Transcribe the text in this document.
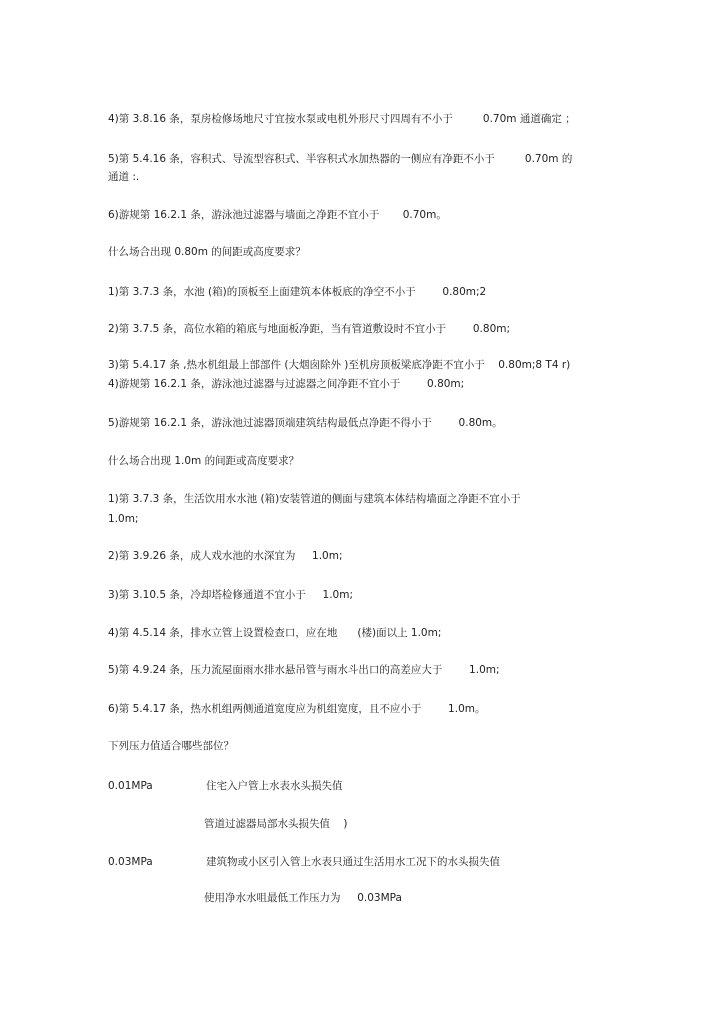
4)第 3.8.16 条，泵房检修场地尺寸宜按水泵或电机外形尺寸四周有不小于         0.70m 通道确定 ；
5)第 5.4.16 条，容积式、导流型容积式、半容积式水加热器的一侧应有净距不小于         0.70m 的
通道 :.
6)游规第 16.2.1 条，游泳池过滤器与墙面之净距不宜小于       0.70m。
什么场合出现 0.80m 的间距或高度要求？
1)第 3.7.3 条，水池 (箱)的顶板至上面建筑本体板底的净空不小于        0.80m;2
2)第 3.7.5 条，高位水箱的箱底与地面板净距，当有管道敷设时不宜小于        0.80m;
3)第 5.4.17 条 ,热水机组最上部部件 (大烟囱除外 )至机房顶板梁底净距不宜小于    0.80m;8 T4 r)
4)游规第 16.2.1 条，游泳池过滤器与过滤器之间净距不宜小于        0.80m;
5)游规第 16.2.1 条，游泳池过滤器顶端建筑结构最低点净距不得小于        0.80m。
什么场合出现 1.0m 的间距或高度要求？
1)第 3.7.3 条，生活饮用水水池 (箱)安装管道的侧面与建筑本体结构墙面之净距不宜小于
1.0m;
2)第 3.9.26 条，成人戏水池的水深宜为     1.0m;
3)第 3.10.5 条，冷却塔检修通道不宜小于     1.0m;
4)第 4.5.14 条，排水立管上设置检查口，应在地      (楼)面以上 1.0m;
5)第 4.9.24 条，压力流屋面雨水排水悬吊管与雨水斗出口的高差应大于        1.0m;
6)第 5.4.17 条，热水机组两侧通道宽度应为机组宽度，且不应小于        1.0m。
下列压力值适合哪些部位？
0.01MPa	住宅入户管上水表水头损失值
管道过滤器局部水头损失值    )
0.03MPa	建筑物或小区引入管上水表只通过生活用水工况下的水头损失值
使用净水水咀最低工作压力为     0.03MPa
